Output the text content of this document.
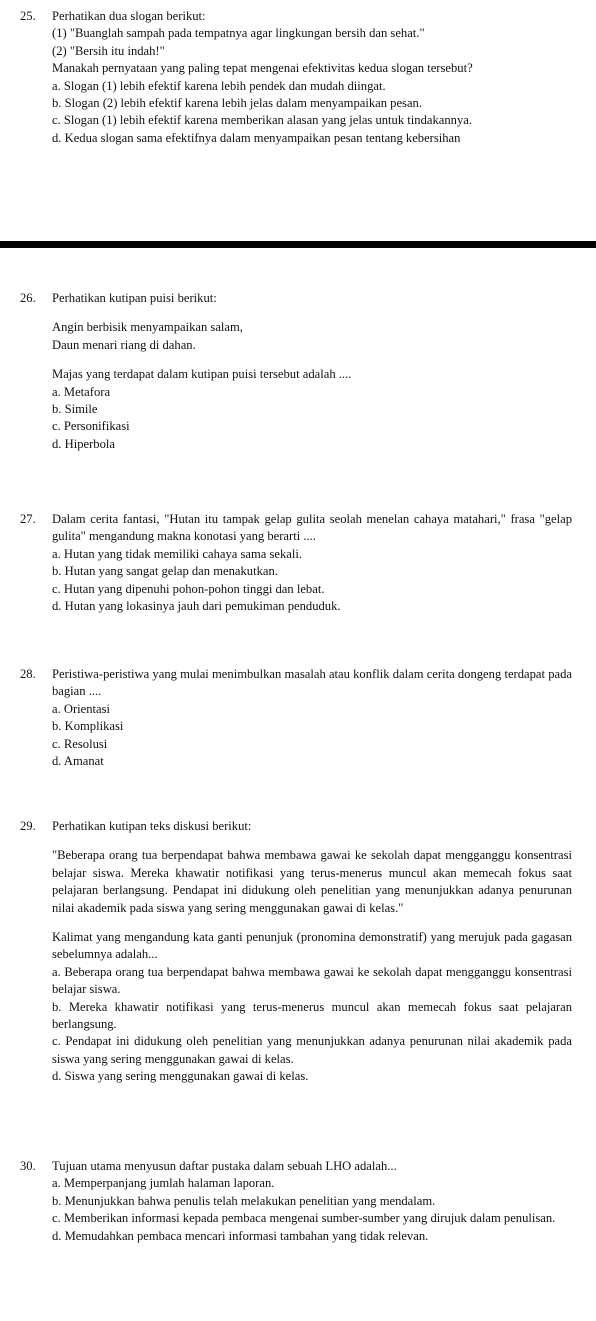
25. Perhatikan dua slogan berikut:
(1) "Buanglah sampah pada tempatnya agar lingkungan bersih dan sehat."
(2) "Bersih itu indah!"
Manakah pernyataan yang paling tepat mengenai efektivitas kedua slogan tersebut?
a. Slogan (1) lebih efektif karena lebih pendek dan mudah diingat.
b. Slogan (2) lebih efektif karena lebih jelas dalam menyampaikan pesan.
c. Slogan (1) lebih efektif karena memberikan alasan yang jelas untuk tindakannya.
d. Kedua slogan sama efektifnya dalam menyampaikan pesan tentang kebersihan
26. Perhatikan kutipan puisi berikut:
Angin berbisik menyampaikan salam,
Daun menari riang di dahan.
Majas yang terdapat dalam kutipan puisi tersebut adalah ....
a. Metafora
b. Simile
c. Personifikasi
d. Hiperbola
27. Dalam cerita fantasi, "Hutan itu tampak gelap gulita seolah menelan cahaya matahari," frasa "gelap gulita" mengandung makna konotasi yang berarti ....
a. Hutan yang tidak memiliki cahaya sama sekali.
b. Hutan yang sangat gelap dan menakutkan.
c. Hutan yang dipenuhi pohon-pohon tinggi dan lebat.
d. Hutan yang lokasinya jauh dari pemukiman penduduk.
28. Peristiwa-peristiwa yang mulai menimbulkan masalah atau konflik dalam cerita dongeng terdapat pada bagian ....
a. Orientasi
b. Komplikasi
c. Resolusi
d. Amanat
29. Perhatikan kutipan teks diskusi berikut:
"Beberapa orang tua berpendapat bahwa membawa gawai ke sekolah dapat mengganggu konsentrasi belajar siswa. Mereka khawatir notifikasi yang terus-menerus muncul akan memecah fokus saat pelajaran berlangsung. Pendapat ini didukung oleh penelitian yang menunjukkan adanya penurunan nilai akademik pada siswa yang sering menggunakan gawai di kelas."
Kalimat yang mengandung kata ganti penunjuk (pronomina demonstratif) yang merujuk pada gagasan sebelumnya adalah...
a. Beberapa orang tua berpendapat bahwa membawa gawai ke sekolah dapat mengganggu konsentrasi belajar siswa.
b. Mereka khawatir notifikasi yang terus-menerus muncul akan memecah fokus saat pelajaran berlangsung.
c. Pendapat ini didukung oleh penelitian yang menunjukkan adanya penurunan nilai akademik pada siswa yang sering menggunakan gawai di kelas.
d. Siswa yang sering menggunakan gawai di kelas.
30. Tujuan utama menyusun daftar pustaka dalam sebuah LHO adalah...
a. Memperpanjang jumlah halaman laporan.
b. Menunjukkan bahwa penulis telah melakukan penelitian yang mendalam.
c. Memberikan informasi kepada pembaca mengenai sumber-sumber yang dirujuk dalam penulisan.
d. Memudahkan pembaca mencari informasi tambahan yang tidak relevan.
